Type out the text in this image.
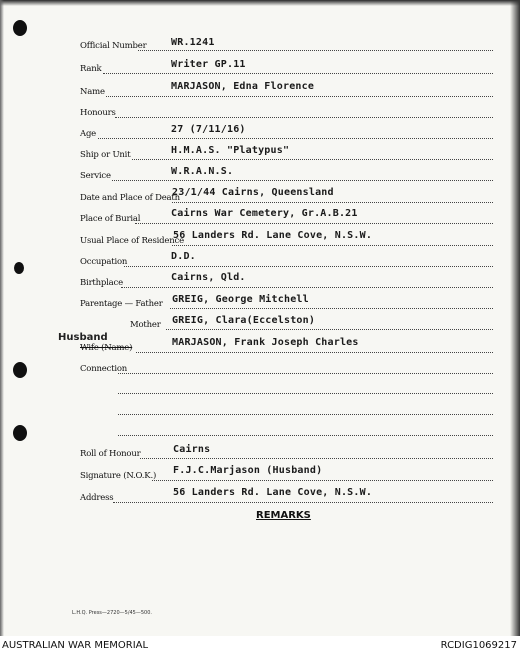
Official Number WR.1241
Rank	Writer GP.11
Name	MARJASON, Edna Florence
Honours
Age	27 (7/11/16)
Ship or Unit	H.M.A.S. "Platypus"
Service	W.R.A.N.S.
Date and Place of Death
23/1/44 Cairns, Queensland
Place of Burial	Cairns War Cemetery, Gr.A.B.21
Usual Place of Residence
56 Landers Rd. Lane Cove, N.S.W.
Occupation	D.D.
Birthplace	Cairns, Qld.
Parentage — Father GREIG, George Mitchell
Mother GREIG, Clara(Eccelston)
Husband
Wife (Name)	MARJASON, Frank Joseph Charles
Connection
Roll of Honour	Cairns
Signature (N.O.K.) F.J.C.Marjason (Husband)
Address	56 Landers Rd. Lane Cove, N.S.W.
REMARKS
L.H.Q. Press—2720—5/45—500.
AUSTRALIAN WAR MEMORIAL	RCDIG1069217
